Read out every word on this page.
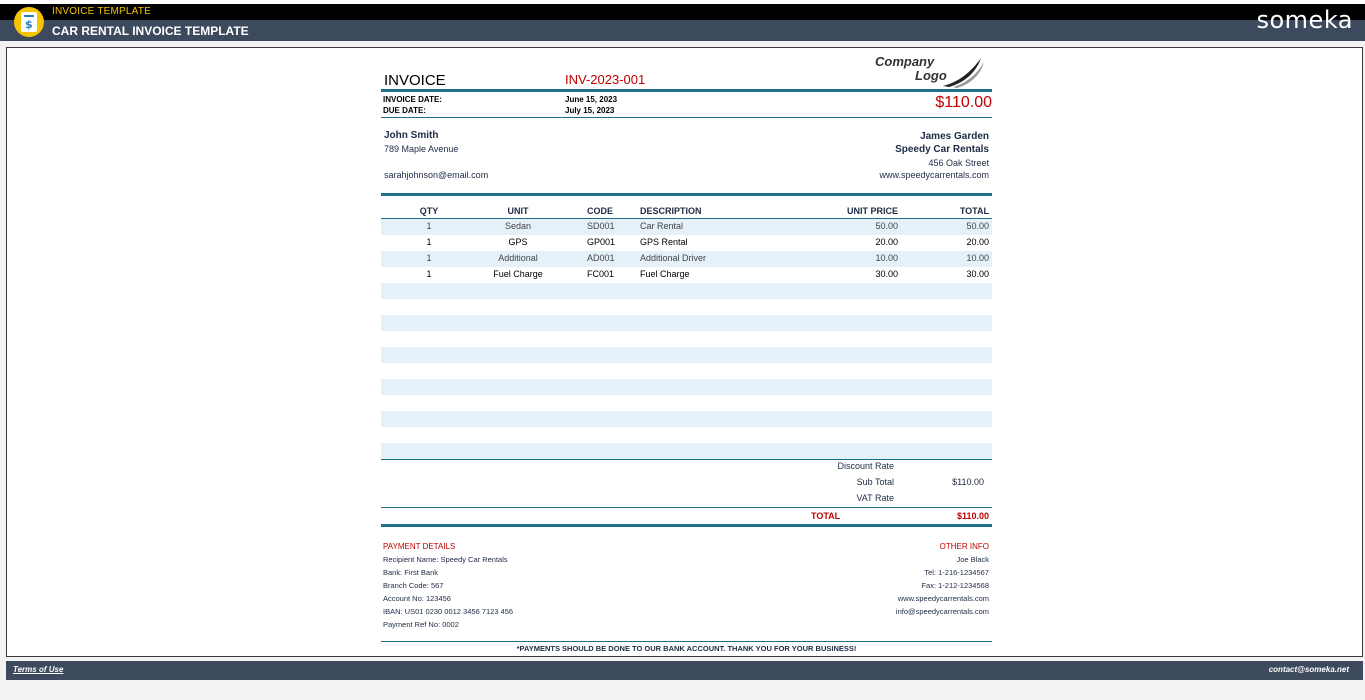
$
INVOICE TEMPLATE
CAR RENTAL INVOICE TEMPLATE	someka
INVOICE	INV-2023-001
Company
Logo
INVOICE DATE:	June 15, 2023
DUE DATE:	July 15, 2023	$110.00
John Smith
789 Maple Avenue
sarahjohnson@email.com
James Garden
Speedy Car Rentals
456 Oak Street
www.speedycarrentals.com
QTY	UNIT	CODE	DESCRIPTION	UNIT PRICE	TOTAL
1	Sedan	SD001	Car Rental	50.00	50.00
1	GPS	GP001	GPS Rental	20.00	20.00
1	Additional	AD001	Additional Driver	10.00	10.00
1	Fuel Charge	FC001	Fuel Charge	30.00	30.00
Discount Rate
Sub Total	$110.00
VAT Rate
TOTAL	$110.00
PAYMENT DETAILS
Recipient Name: Speedy Car Rentals
Bank: First Bank
Branch Code: 567
Account No: 123456
IBAN: US01 0230 0012 3456 7123 456
Payment Ref No: 0002
OTHER INFO
Joe Black
Tel: 1-216-1234567
Fax: 1-212-1234568
www.speedycarrentals.com
info@speedycarrentals.com
*PAYMENTS SHOULD BE DONE TO OUR BANK ACCOUNT. THANK YOU FOR YOUR BUSINESS!
Terms of Use	contact@someka.net
